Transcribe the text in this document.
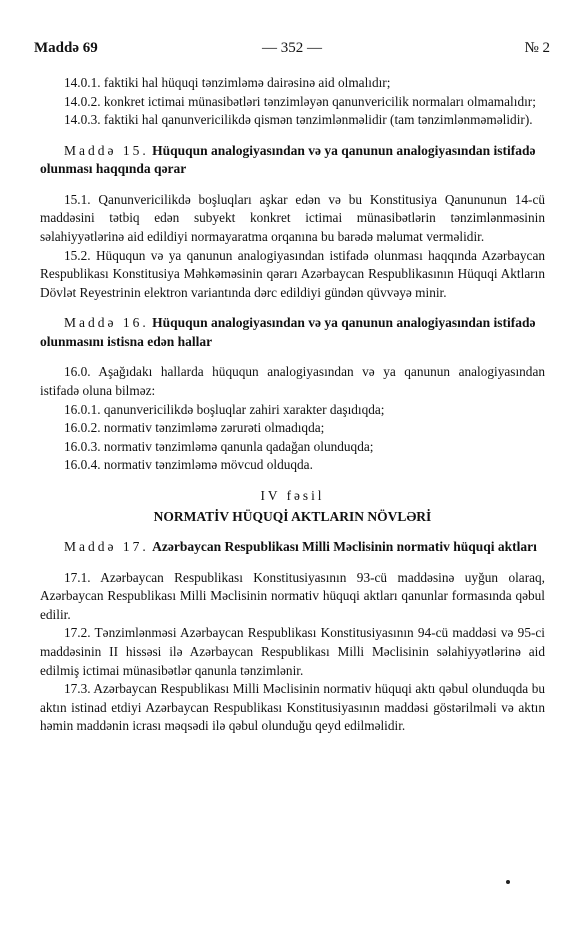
Maddə 69	— 352 —	№ 2

14.0.1. faktiki hal hüquqi tənzimləmə dairəsinə aid olmalıdır;

14.0.2. konkret ictimai münasibətləri tənzimləyən qanunvericilik normaları olmamalıdır;

14.0.3. faktiki hal qanunvericilikdə qismən tənzimlənməlidir (tam tənzimlənməməlidir).

Maddə 15. Hüququn analogiyasından və ya qanunun analogiyasından istifadə olunması haqqında qərar

15.1. Qanunvericilikdə boşluqları aşkar edən və bu Konstitusiya Qanununun 14-cü maddəsini tətbiq edən subyekt konkret ictimai münasibətlərin tənzimlənməsinin səlahiyyətlərinə aid edildiyi normayaratma orqanına bu barədə məlumat verməlidir.

15.2. Hüququn və ya qanunun analogiyasından istifadə olunması haqqında Azərbaycan Respublikası Konstitusiya Məhkəməsinin qərarı Azərbaycan Respublikasının Hüquqi Aktların Dövlət Reyestrinin elektron variantında dərc edildiyi gündən qüvvəyə minir.

Maddə 16. Hüququn analogiyasından və ya qanunun analogiyasından istifadə olunmasını istisna edən hallar

16.0. Aşağıdakı hallarda hüququn analogiyasından və ya qanunun analogiyasından istifadə oluna bilməz:

16.0.1. qanunvericilikdə boşluqlar zahiri xarakter daşıdıqda;

16.0.2. normativ tənzimləmə zərurəti olmadıqda;

16.0.3. normativ tənzimləmə qanunla qadağan olunduqda;

16.0.4. normativ tənzimləmə mövcud olduqda.

IV fəsil
NORMATİV HÜQUQİ AKTLARIN NÖVLƏRİ
Maddə 17. Azərbaycan Respublikası Milli Məclisinin normativ hüquqi aktları

17.1. Azərbaycan Respublikası Konstitusiyasının 93-cü maddəsinə uyğun olaraq, Azərbaycan Respublikası Milli Məclisinin normativ hüquqi aktları qanunlar formasında qəbul edilir.

17.2. Tənzimlənməsi Azərbaycan Respublikası Konstitusiyasının 94-cü maddəsi və 95-ci maddəsinin II hissəsi ilə Azərbaycan Respublikası Milli Məclisinin səlahiyyətlərinə aid edilmiş ictimai münasibətlər qanunla tənzimlənir.

17.3. Azərbaycan Respublikası Milli Məclisinin normativ hüquqi aktı qəbul olunduqda bu aktın istinad etdiyi Azərbaycan Respublikası Konstitusiyasının maddəsi göstərilməli və aktın həmin maddənin icrası məqsədi ilə qəbul olunduğu qeyd edilməlidir.
